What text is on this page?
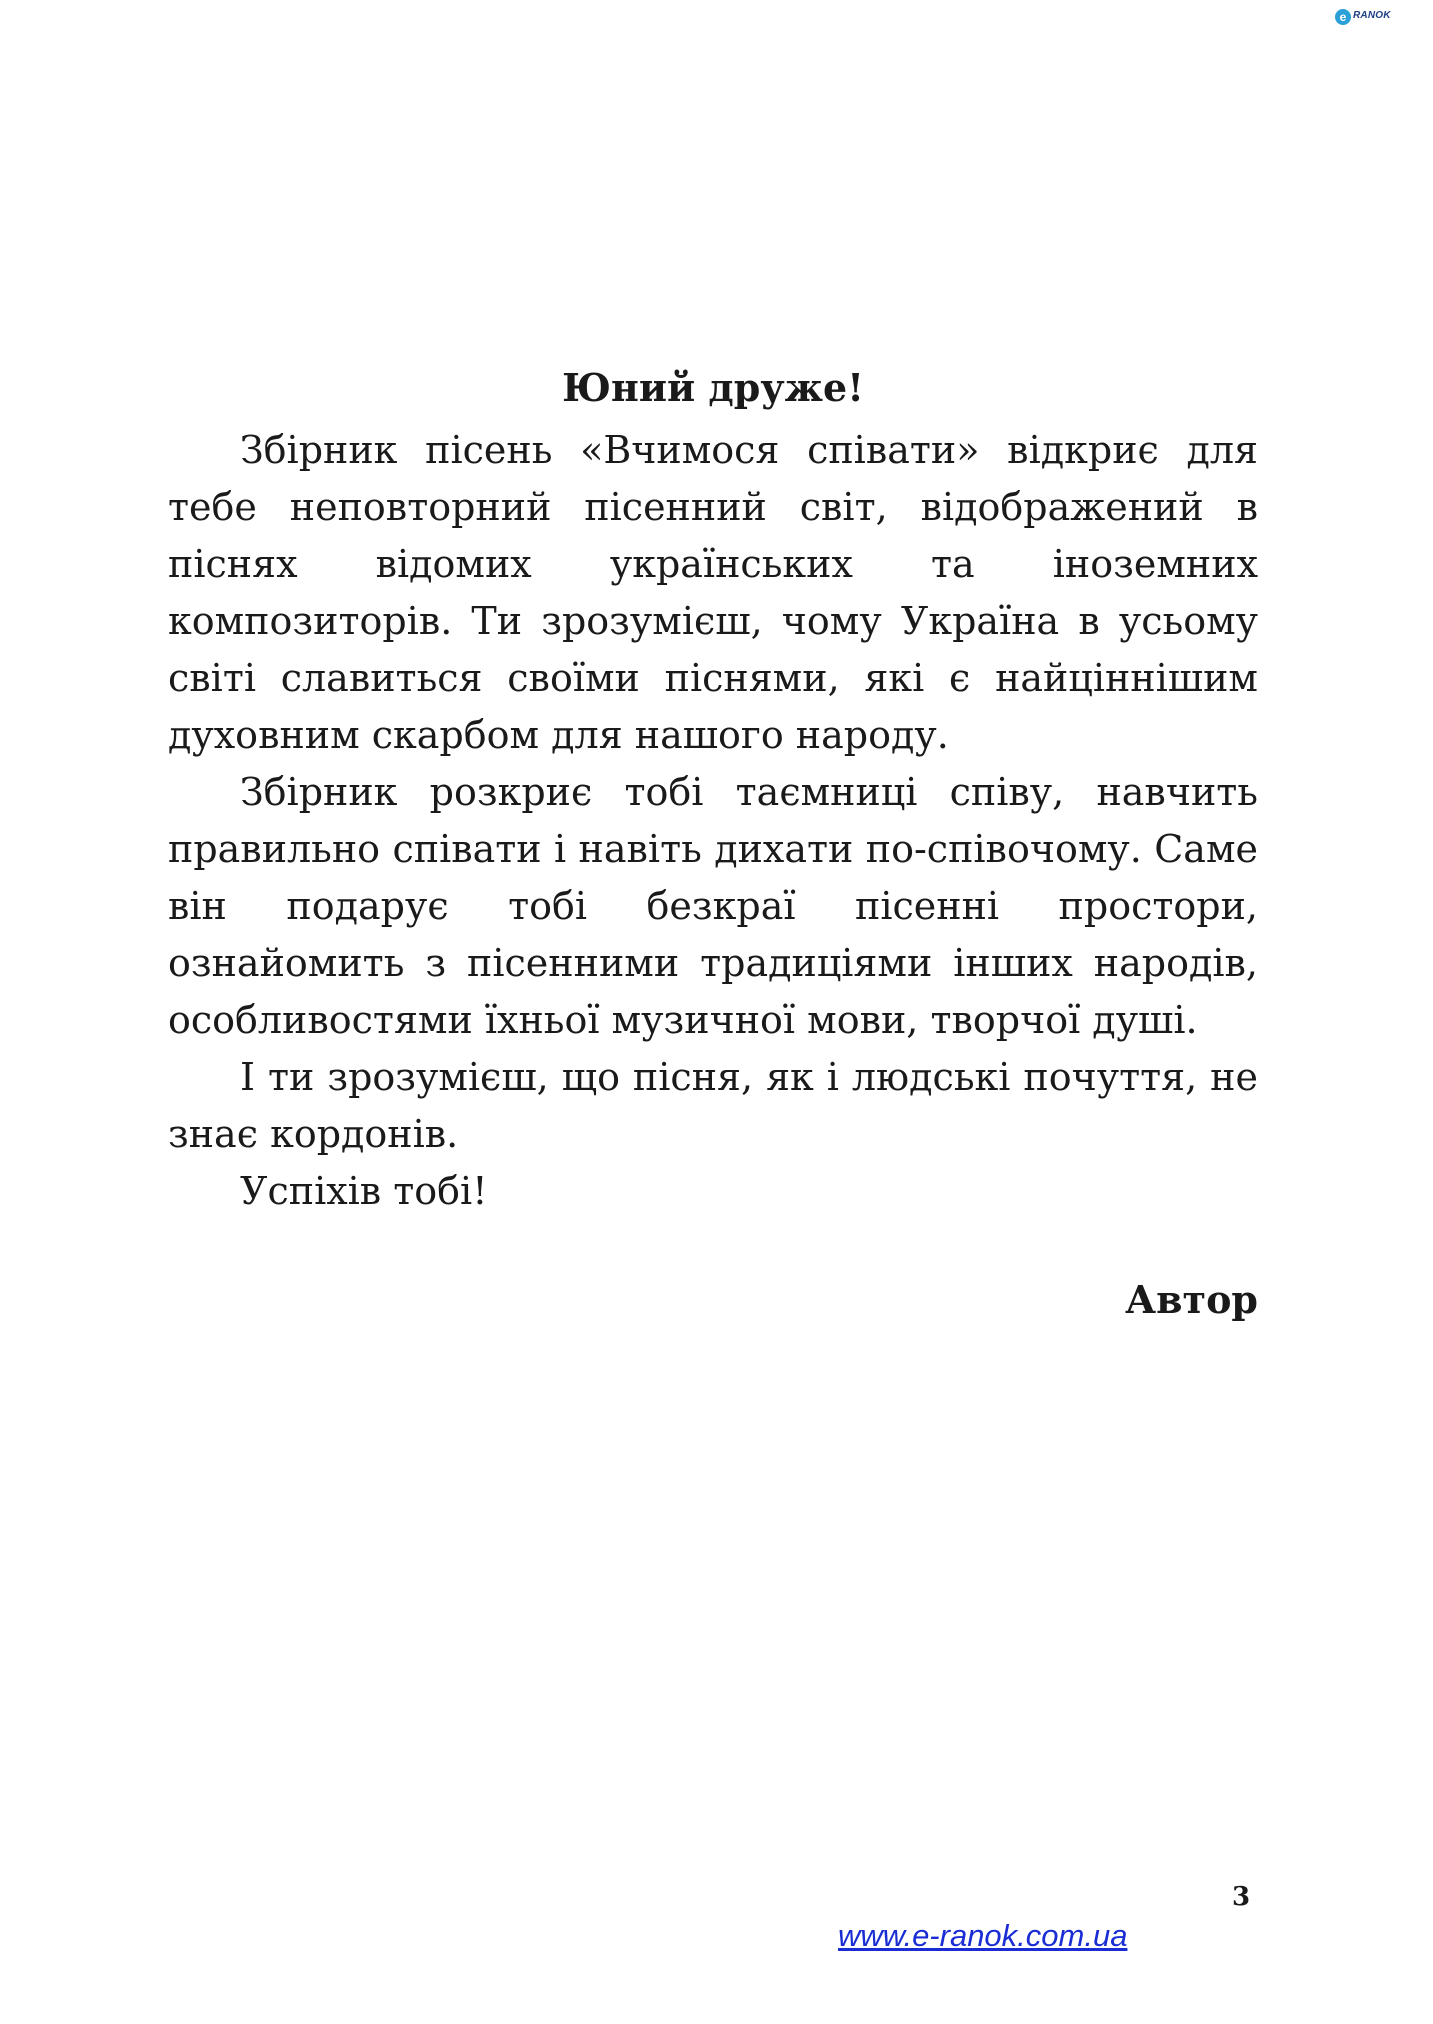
e RANOK
Юний друже!

Збірник пісень «Вчимося співати» відкриє для тебе неповторний пісенний світ, відображений в піснях відомих українських та іноземних композиторів. Ти зрозумієш, чому Україна в усьому світі славиться своїми піснями, які є найціннішим духовним скарбом для нашого народу.

Збірник розкриє тобі таємниці співу, навчить правильно співати і навіть дихати по-співочому. Саме він подарує тобі безкраї пісенні простори, ознайомить з пісенними традиціями інших народів, особливостями їхньої музичної мови, творчої душі.

І ти зрозумієш, що пісня, як і людські почуття, не знає кордонів.

Успіхів тобі!

Автор
3
www.e-ranok.com.ua
